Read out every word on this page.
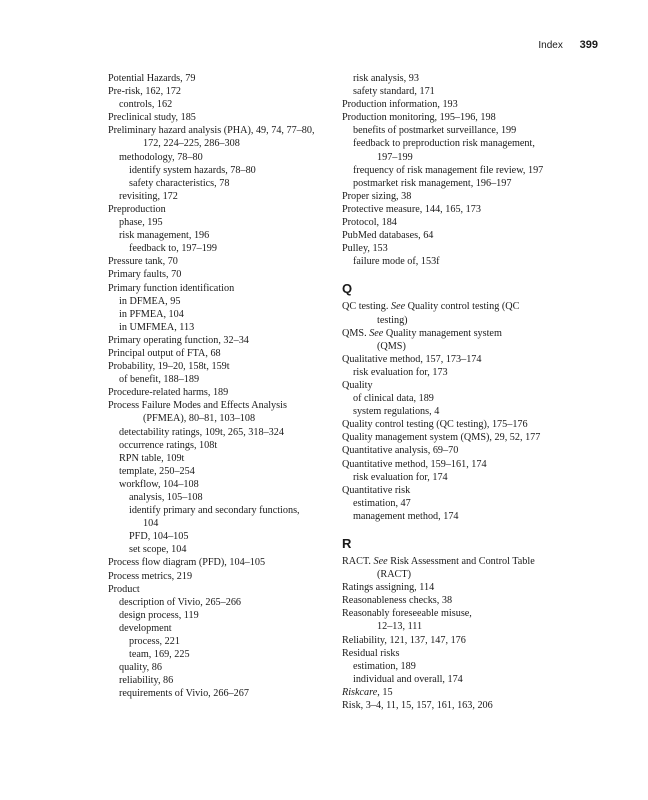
Index 399
Potential Hazards, 79
Pre-risk, 162, 172
controls, 162
Preclinical study, 185
Preliminary hazard analysis (PHA), 49, 74, 77–80,
172, 224–225, 286–308
methodology, 78–80
identify system hazards, 78–80
safety characteristics, 78
revisiting, 172
Preproduction
phase, 195
risk management, 196
feedback to, 197–199
Pressure tank, 70
Primary faults, 70
Primary function identification
in DFMEA, 95
in PFMEA, 104
in UMFMEA, 113
Primary operating function, 32–34
Principal output of FTA, 68
Probability, 19–20, 158t, 159t
of benefit, 188–189
Procedure-related harms, 189
Process Failure Modes and Effects Analysis
(PFMEA), 80–81, 103–108
detectability ratings, 109t, 265, 318–324
occurrence ratings, 108t
RPN table, 109t
template, 250–254
workflow, 104–108
analysis, 105–108
identify primary and secondary functions,
104
PFD, 104–105
set scope, 104
Process flow diagram (PFD), 104–105
Process metrics, 219
Product
description of Vivio, 265–266
design process, 119
development
process, 221
team, 169, 225
quality, 86
reliability, 86
requirements of Vivio, 266–267
risk analysis, 93
safety standard, 171
Production information, 193
Production monitoring, 195–196, 198
benefits of postmarket surveillance, 199
feedback to preproduction risk management,
197–199
frequency of risk management file review, 197
postmarket risk management, 196–197
Proper sizing, 38
Protective measure, 144, 165, 173
Protocol, 184
PubMed databases, 64
Pulley, 153
failure mode of, 153f
Q
QC testing. See Quality control testing (QC
testing)
QMS. See Quality management system
(QMS)
Qualitative method, 157, 173–174
risk evaluation for, 173
Quality
of clinical data, 189
system regulations, 4
Quality control testing (QC testing), 175–176
Quality management system (QMS), 29, 52, 177
Quantitative analysis, 69–70
Quantitative method, 159–161, 174
risk evaluation for, 174
Quantitative risk
estimation, 47
management method, 174
R
RACT. See Risk Assessment and Control Table
(RACT)
Ratings assigning, 114
Reasonableness checks, 38
Reasonably foreseeable misuse,
12–13, 111
Reliability, 121, 137, 147, 176
Residual risks
estimation, 189
individual and overall, 174
Riskcare, 15
Risk, 3–4, 11, 15, 157, 161, 163, 206
